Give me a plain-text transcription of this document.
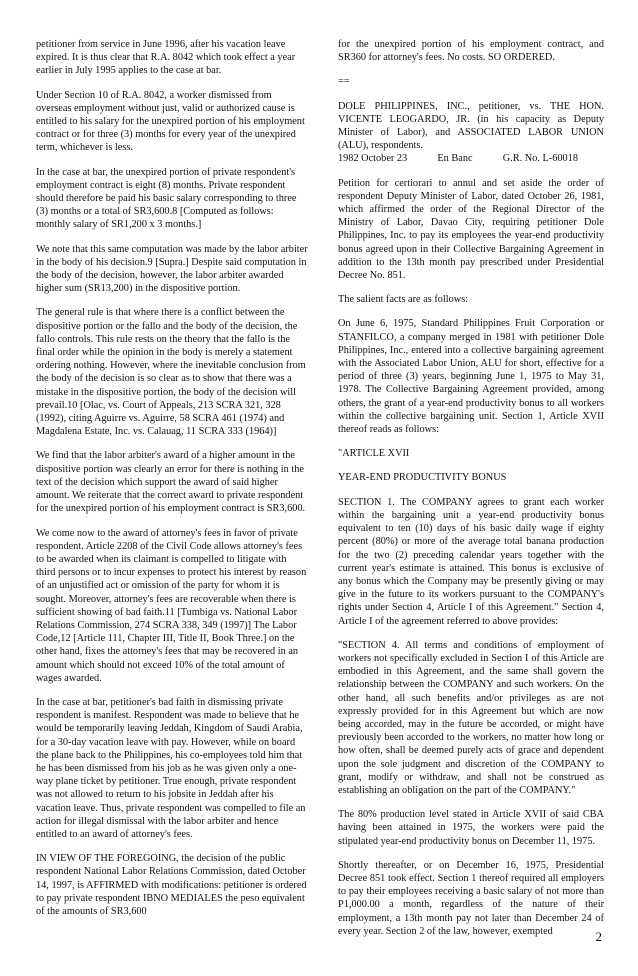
petitioner from service in June 1996, after his vacation leave expired. It is thus clear that R.A. 8042 which took effect a year earlier in July 1995 applies to the case at bar.

Under Section 10 of R.A. 8042, a worker dismissed from overseas employment without just, valid or authorized cause is entitled to his salary for the unexpired portion of his employment contract or for three (3) months for every year of the unexpired term, whichever is less.

In the case at bar, the unexpired portion of private respondent's employment contract is eight (8) months. Private respondent should therefore be paid his basic salary corresponding to three (3) months or a total of SR3,600.8 [Computed as follows: monthly salary of SR1,200 x 3 months.]

We note that this same computation was made by the labor arbiter in the body of his decision.9 [Supra.] Despite said computation in the body of the decision, however, the labor arbiter awarded higher sum (SR13,200) in the dispositive portion.

The general rule is that where there is a conflict between the dispositive portion or the fallo and the body of the decision, the fallo controls. This rule rests on the theory that the fallo is the final order while the opinion in the body is merely a statement ordering nothing. However, where the inevitable conclusion from the body of the decision is so clear as to show that there was a mistake in the dispositive portion, the body of the decision will prevail.10 [Olac, vs. Court of Appeals, 213 SCRA 321, 328 (1992), citing Aguirre vs. Aguirre, 58 SCRA 461 (1974) and Magdalena Estate, Inc. vs. Calauag, 11 SCRA 333 (1964)]

We find that the labor arbiter's award of a higher amount in the dispositive portion was clearly an error for there is nothing in the text of the decision which support the award of said higher amount. We reiterate that the correct award to private respondent for the unexpired portion of his employment contract is SR3,600.

We come now to the award of attorney's fees in favor of private respondent. Article 2208 of the Civil Code allows attorney's fees to be awarded when its claimant is compelled to litigate with third persons or to incur expenses to protect his interest by reason of an unjustified act or omission of the party for whom it is sought. Moreover, attorney's fees are recoverable when there is sufficient showing of bad faith.11 [Tumbiga vs. National Labor Relations Commission, 274 SCRA 338, 349 (1997)] The Labor Code,12 [Article 111, Chapter III, Title II, Book Three.] on the other hand, fixes the attorney's fees that may be recovered in an amount which should not exceed 10% of the total amount of wages awarded.

In the case at bar, petitioner's bad faith in dismissing private respondent is manifest. Respondent was made to believe that he would be temporarily leaving Jeddah, Kingdom of Saudi Arabia, for a 30-day vacation leave with pay. However, while on board the plane back to the Philippines, his co-employees told him that he has been dismissed from his job as he was given only a one-way plane ticket by petitioner. True enough, private respondent was not allowed to return to his jobsite in Jeddah after his vacation leave. Thus, private respondent was compelled to file an action for illegal dismissal with the labor arbiter and hence entitled to an award of attorney's fees.

IN VIEW OF THE FOREGOING, the decision of the public respondent National Labor Relations Commission, dated October 14, 1997, is AFFIRMED with modifications: petitioner is ordered to pay private respondent IBNO MEDIALES the peso equivalent of the amounts of SR3,600

for the unexpired portion of his employment contract, and SR360 for attorney's fees. No costs. SO ORDERED.

==

DOLE PHILIPPINES, INC., petitioner, vs. THE HON. VICENTE LEOGARDO, JR. (in his capacity as Deputy Minister of Labor), and ASSOCIATED LABOR UNION (ALU), respondents.

1982 October 23	En Banc	G.R. No. L-60018

Petition for certiorari to annul and set aside the order of respondent Deputy Minister of Labor, dated October 26, 1981, which affirmed the order of the Regional Director of the Ministry of Labor, Davao City, requiring petitioner Dole Philippines, Inc. to pay its employees the year-end productivity bonus agreed upon in their Collective Bargaining Agreement in addition to the 13th month pay prescribed under Presidential Decree No. 851.

The salient facts are as follows:

On June 6, 1975, Standard Philippines Fruit Corporation or STANFILCO, a company merged in 1981 with petitioner Dole Philippines, Inc., entered into a collective bargaining agreement with the Associated Labor Union, ALU for short, effective for a period of three (3) years, beginning June 1, 1975 to May 31, 1978. The Collective Bargaining Agreement provided, among others, the grant of a year-end productivity bonus to all workers within the collective bargaining unit. Section 1, Article XVII thereof reads as follows:

"ARTICLE XVII

YEAR-END PRODUCTIVITY BONUS

SECTION 1. The COMPANY agrees to grant each worker within the bargaining unit a year-end productivity bonus equivalent to ten (10) days of his basic daily wage if eighty percent (80%) or more of the average total banana production for the two (2) preceding calendar years together with the current year's estimate is attained. This bonus is exclusive of any bonus which the Company may be presently giving or may give in the future to its workers pursuant to the COMPANY's rights under Section 4, Article I of this Agreement." Section 4, Article I of the agreement referred to above provides:

"SECTION 4. All terms and conditions of employment of workers not specifically excluded in Section I of this Article are embodied in this Agreement, and the same shall govern the relationship between the COMPANY and such workers. On the other hand, all such benefits and/or privileges as are not expressly provided for in this Agreement but which are now being accorded, may in the future be accorded, or might have previously been accorded to the workers, no matter how long or how often, shall be deemed purely acts of grace and dependent upon the sole judgment and discretion of the COMPANY to grant, modify or withdraw, and shall not be construed as establishing an obligation on the part of the COMPANY."

The 80% production level stated in Article XVII of said CBA having been attained in 1975, the workers were paid the stipulated year-end productivity bonus on December 11, 1975.

Shortly thereafter, or on December 16, 1975, Presidential Decree 851 took effect. Section 1 thereof required all employers to pay their employees receiving a basic salary of not more than P1,000.00 a month, regardless of the nature of their employment, a 13th month pay not later than December 24 of every year. Section 2 of the law, however, exempted	2
